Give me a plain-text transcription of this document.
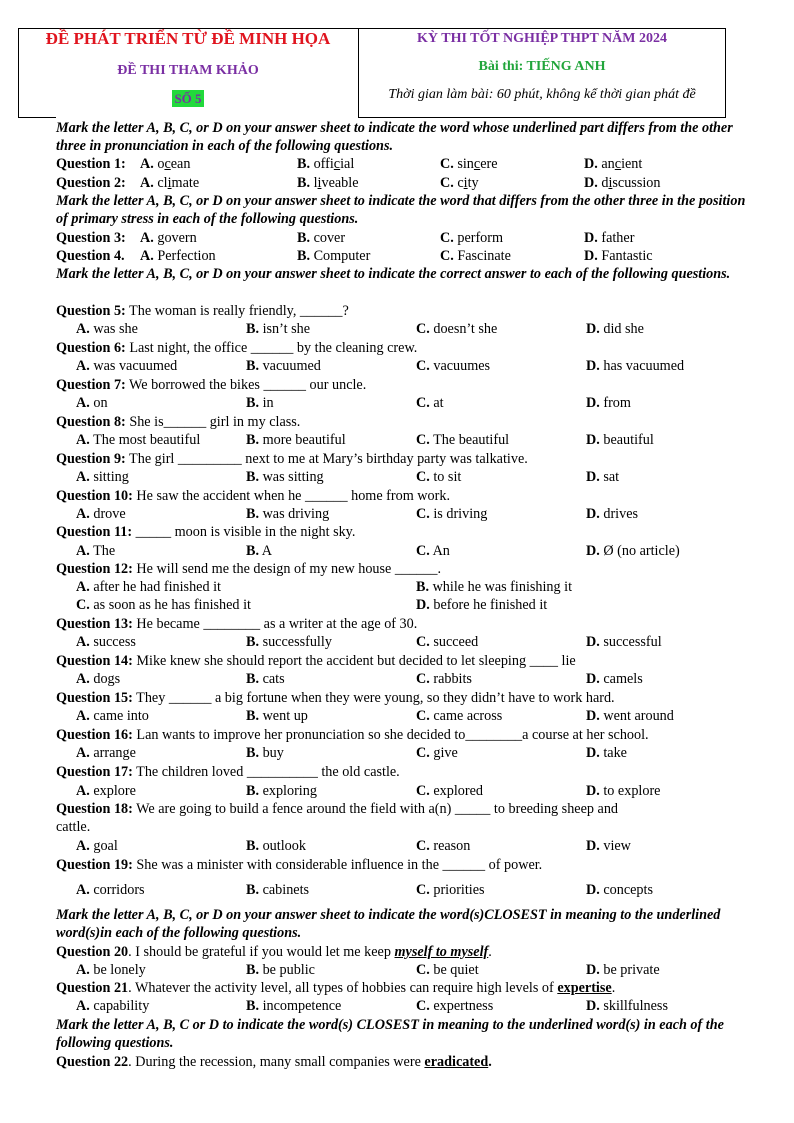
ĐỀ PHÁT TRIỂN TỪ ĐỀ MINH HỌA
ĐỀ THI THAM KHẢO
SỐ 5
KỲ THI TỐT NGHIỆP THPT NĂM 2024
Bài thi: TIẾNG ANH
Thời gian làm bài: 60 phút, không kể thời gian phát đề
Mark the letter A, B, C, or D on your answer sheet to indicate the word whose underlined part differs from the other three in pronunciation in each of the following questions.
Question 1:	A. ocean	B. official	C. sincere	D. ancient
Question 2:	A. climate	B. liveable	C. city	D. discussion
Mark the letter A, B, C, or D on your answer sheet to indicate the word that differs from the other three in the position of primary stress in each of the following questions.
Question 3:	A. govern	B. cover	C. perform	D. father
Question 4.	A. Perfection	B. Computer	C. Fascinate	D. Fantastic
Mark the letter A, B, C, or D on your answer sheet to indicate the correct answer to each of the following questions.
Question 5: The woman is really friendly, ______?
A. was she	B. isn’t she	C. doesn’t she	D. did she
Question 6: Last night, the office ______ by the cleaning crew.
A. was vacuumed	B. vacuumed	C. vacuumes	D. has vacuumed
Question 7: We borrowed the bikes ______ our uncle.
A. on	B. in	C. at	D. from
Question 8: She is______ girl in my class.
A. The most beautiful	B. more beautiful	C. The beautiful	D. beautiful
Question 9: The girl _________ next to me at Mary’s birthday party was talkative.
A. sitting	B. was sitting	C. to sit	D. sat
Question 10: He saw the accident when he ______ home from work.
A. drove	B. was driving	C. is driving	D. drives
Question 11: _____ moon is visible in the night sky.
A. The	B. A	C. An	D. Ø (no article)
Question 12: He will send me the design of my new house ______.
A. after he had finished it	B. while he was finishing it
C. as soon as he has finished it	D. before he finished it
Question 13: He became ________ as a writer at the age of 30.
A. success	B. successfully	C. succeed	D. successful
Question 14: Mike knew she should report the accident but decided to let sleeping ____ lie
A. dogs	B. cats	C. rabbits	D. camels
Question 15: They ______ a big fortune when they were young, so they didn’t have to work hard.
A. came into	B. went up	C. came across	D. went around
Question 16: Lan wants to improve her pronunciation so she decided to________a course at her school.
A. arrange	B. buy	C. give	D. take
Question 17: The children loved __________ the old castle.
A. explore	B. exploring	C. explored	D. to explore
Question 18: We are going to build a fence around the field with a(n) _____ to breeding sheep and
cattle.
A. goal	B. outlook	C. reason	D. view
Question 19: She was a minister with considerable influence in the ______ of power.
A. corridors	B. cabinets	C. priorities	D. concepts
Mark the letter A, B, C, or D on your answer sheet to indicate the word(s)CLOSEST in meaning to the underlined word(s)in each of the following questions.
Question 20. I should be grateful if you would let me keep myself to myself.
A. be lonely	B. be public	C. be quiet	D. be private
Question 21. Whatever the activity level, all types of hobbies can require high levels of expertise.
A. capability	B. incompetence	C. expertness	D. skillfulness
Mark the letter A, B, C or D to indicate the word(s) CLOSEST in meaning to the underlined word(s) in each of the following questions.
Question 22. During the recession, many small companies were eradicated.
